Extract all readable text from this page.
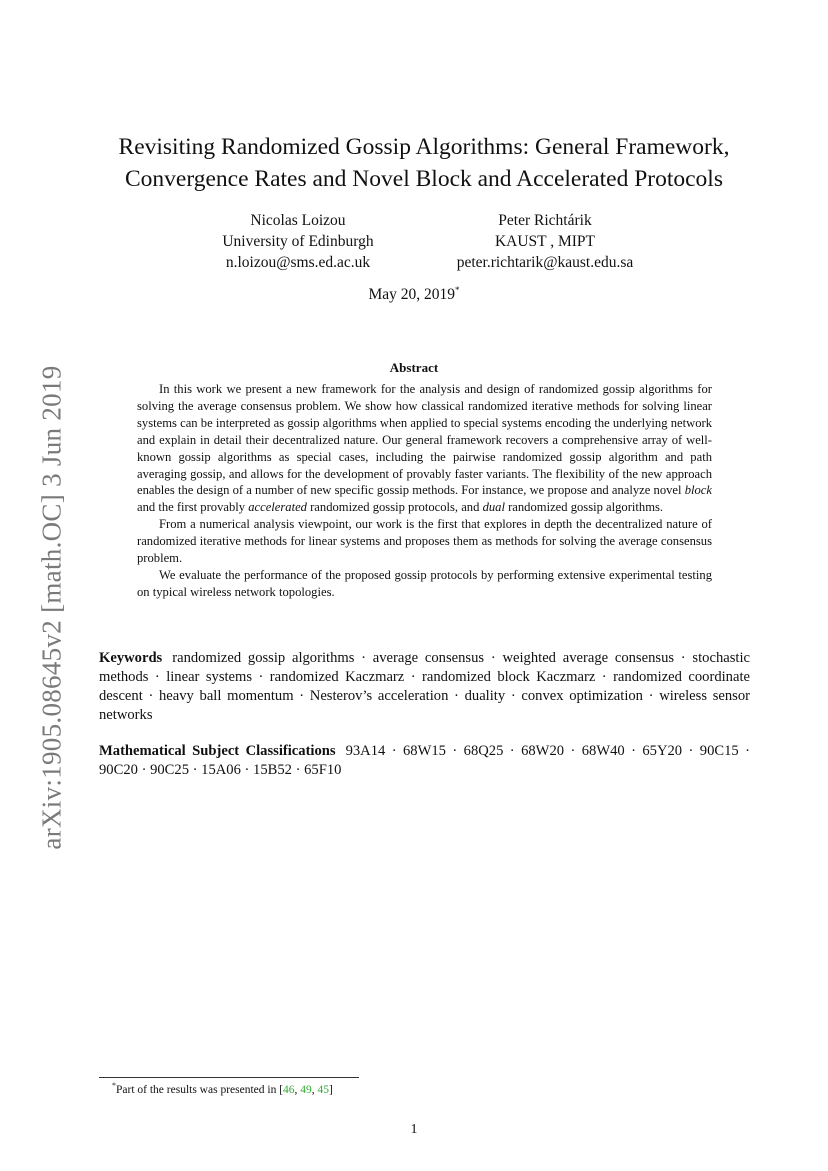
arXiv:1905.08645v2 [math.OC] 3 Jun 2019
Revisiting Randomized Gossip Algorithms: General Framework,
Convergence Rates and Novel Block and Accelerated Protocols
Nicolas Loizou
University of Edinburgh
n.loizou@sms.ed.ac.uk
Peter Richtárik
KAUST , MIPT
peter.richtarik@kaust.edu.sa
May 20, 2019*
Abstract

In this work we present a new framework for the analysis and design of randomized gossip algorithms for solving the average consensus problem. We show how classical randomized iterative methods for solving linear systems can be interpreted as gossip algorithms when applied to special systems encoding the underlying network and explain in detail their decentralized nature. Our general framework recovers a comprehensive array of well-known gossip algorithms as special cases, including the pairwise randomized gossip algorithm and path averaging gossip, and allows for the development of provably faster variants. The flexibility of the new approach enables the design of a number of new specific gossip methods. For instance, we propose and analyze novel block and the first provably accelerated randomized gossip protocols, and dual randomized gossip algorithms.

From a numerical analysis viewpoint, our work is the first that explores in depth the decentralized nature of randomized iterative methods for linear systems and proposes them as methods for solving the average consensus problem.

We evaluate the performance of the proposed gossip protocols by performing extensive experimental testing on typical wireless network topologies.

Keywords randomized gossip algorithms · average consensus · weighted average consensus · stochastic methods · linear systems · randomized Kaczmarz · randomized block Kaczmarz · randomized coordinate descent · heavy ball momentum · Nesterov’s acceleration · duality · convex optimization · wireless sensor networks
Mathematical Subject Classifications 93A14 · 68W15 · 68Q25 · 68W20 · 68W40 · 65Y20 · 90C15 · 90C20 · 90C25 · 15A06 · 15B52 · 65F10
*Part of the results was presented in [46, 49, 45]
1
